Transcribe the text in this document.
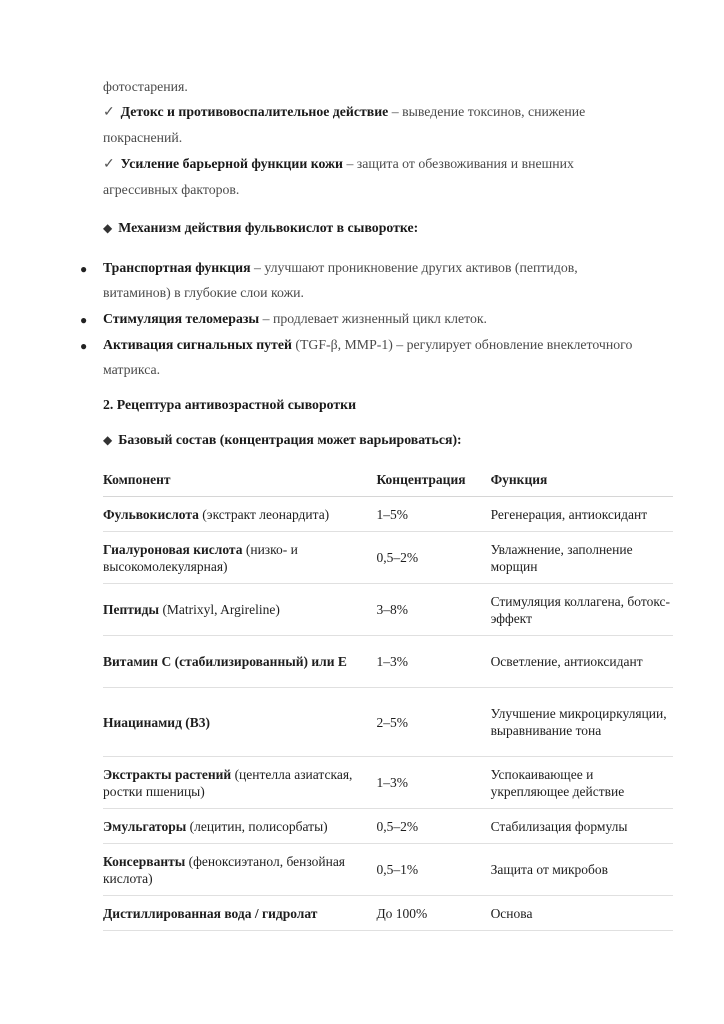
фотостарения.
✓ Детокс и противовоспалительное действие – выведение токсинов, снижение
покраснений.
✓ Усиление барьерной функции кожи – защита от обезвоживания и внешних
агрессивных факторов.
◆ Механизм действия фульвокислот в сыворотке:
● Транспортная функция – улучшают проникновение других активов (пептидов,
витаминов) в глубокие слои кожи.
● Стимуляция теломеразы – продлевает жизненный цикл клеток.
● Активация сигнальных путей (TGF-β, MMP-1) – регулирует обновление внеклеточного
матрикса.
2. Рецептура антивозрастной сыворотки
◆ Базовый состав (концентрация может варьироваться):
Компонент	Концентрация	Функция
Фульвокислота (экстракт леонардита)	1–5%	Регенерация, антиоксидант
Гиалуроновая кислота (низко- и высокомолекулярная)	0,5–2%	Увлажнение, заполнение морщин
Пептиды (Matrixyl, Argireline)	3–8%	Стимуляция коллагена, ботокс-эффект
Витамин C (стабилизированный) или E	1–3%	Осветление, антиоксидант
Ниацинамид (B3)	2–5%	Улучшение микроциркуляции, выравнивание тона
Экстракты растений (центелла азиатская, ростки пшеницы)	1–3%	Успокаивающее и укрепляющее действие
Эмульгаторы (лецитин, полисорбаты)	0,5–2%	Стабилизация формулы
Консерванты (феноксиэтанол, бензойная кислота)	0,5–1%	Защита от микробов
Дистиллированная вода / гидролат	До 100%	Основа
